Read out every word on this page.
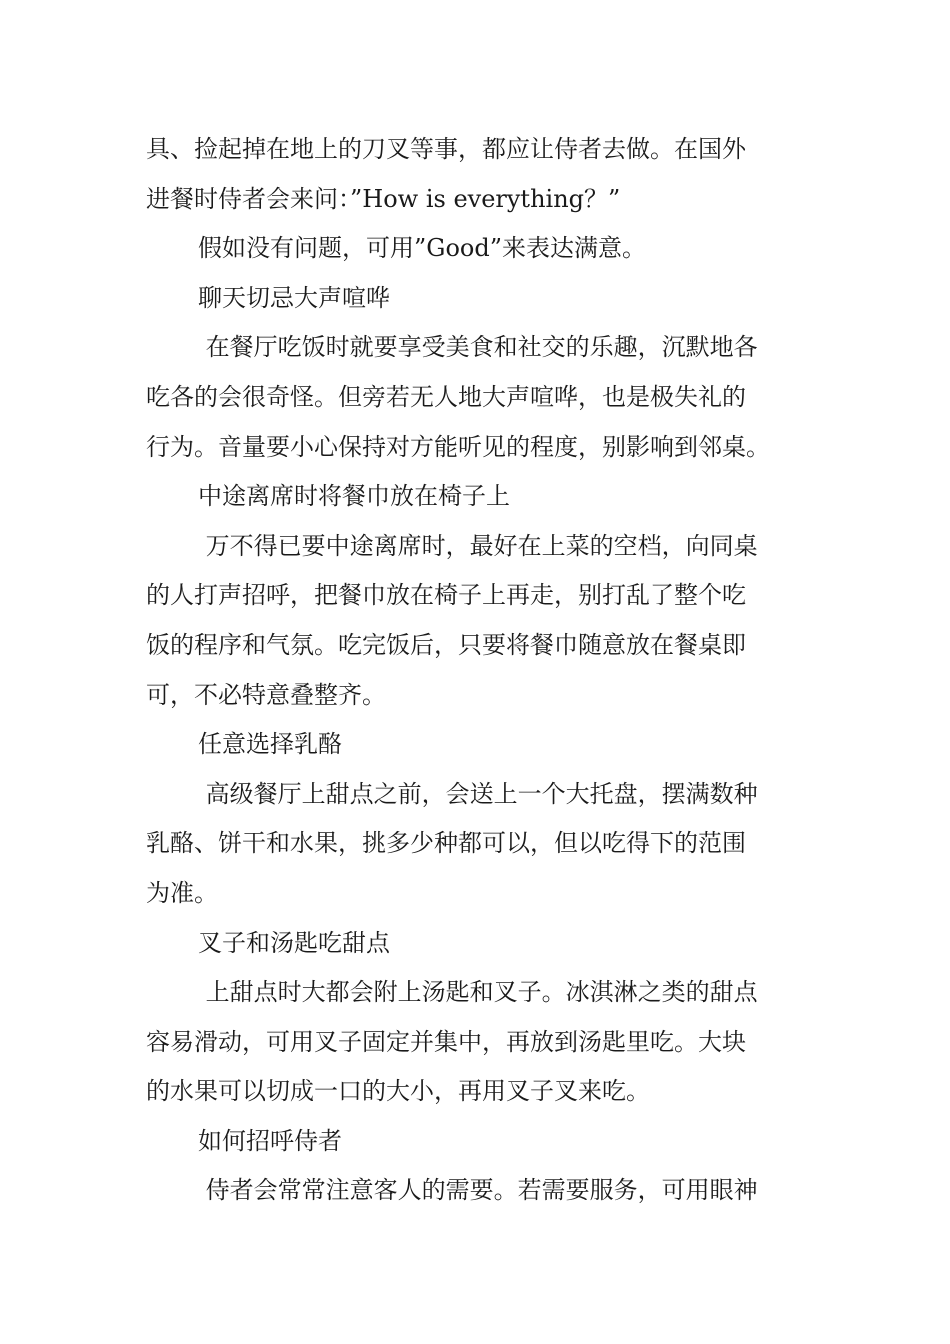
具、捡起掉在地上的刀叉等事，都应让侍者去做。在国外
进餐时侍者会来问：”How is everything？”
假如没有问题，可用”Good”来表达满意。
聊天切忌大声喧哗
在餐厅吃饭时就要享受美食和社交的乐趣，沉默地各
吃各的会很奇怪。但旁若无人地大声喧哗，也是极失礼的
行为。音量要小心保持对方能听见的程度，别影响到邻桌。
中途离席时将餐巾放在椅子上
万不得已要中途离席时，最好在上菜的空档，向同桌
的人打声招呼，把餐巾放在椅子上再走，别打乱了整个吃
饭的程序和气氛。吃完饭后，只要将餐巾随意放在餐桌即
可，不必特意叠整齐。
任意选择乳酪
高级餐厅上甜点之前，会送上一个大托盘，摆满数种
乳酪、饼干和水果，挑多少种都可以，但以吃得下的范围
为准。
叉子和汤匙吃甜点
上甜点时大都会附上汤匙和叉子。冰淇淋之类的甜点
容易滑动，可用叉子固定并集中，再放到汤匙里吃。大块
的水果可以切成一口的大小，再用叉子叉来吃。
如何招呼侍者
侍者会常常注意客人的需要。若需要服务，可用眼神
